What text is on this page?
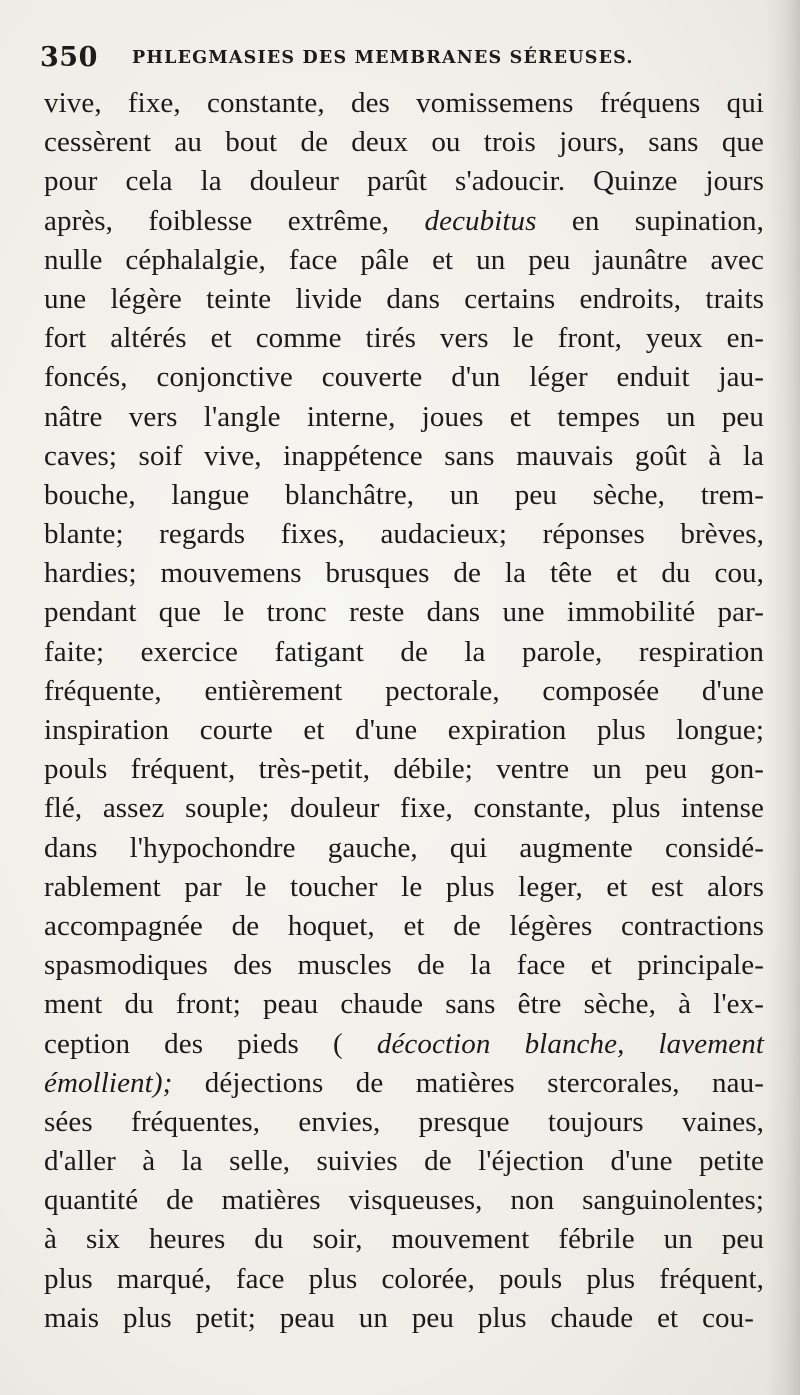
350 PHLEGMASIES DES MEMBRANES SÉREUSES.
vive, fixe, constante, des vomissemens fréquens qui
cessèrent au bout de deux ou trois jours, sans que
pour cela la douleur parût s'adoucir. Quinze jours
après, foiblesse extrême, decubitus en supination,
nulle céphalalgie, face pâle et un peu jaunâtre avec
une légère teinte livide dans certains endroits, traits
fort altérés et comme tirés vers le front, yeux en-
foncés, conjonctive couverte d'un léger enduit jau-
nâtre vers l'angle interne, joues et tempes un peu
caves; soif vive, inappétence sans mauvais goût à la
bouche, langue blanchâtre, un peu sèche, trem-
blante; regards fixes, audacieux; réponses brèves,
hardies; mouvemens brusques de la tête et du cou,
pendant que le tronc reste dans une immobilité par-
faite; exercice fatigant de la parole, respiration
fréquente, entièrement pectorale, composée d'une
inspiration courte et d'une expiration plus longue;
pouls fréquent, très-petit, débile; ventre un peu gon-
flé, assez souple; douleur fixe, constante, plus intense
dans l'hypochondre gauche, qui augmente considé-
rablement par le toucher le plus leger, et est alors
accompagnée de hoquet, et de légères contractions
spasmodiques des muscles de la face et principale-
ment du front; peau chaude sans être sèche, à l'ex-
ception des pieds ( décoction blanche, lavement
émollient); déjections de matières stercorales, nau-
sées fréquentes, envies, presque toujours vaines,
d'aller à la selle, suivies de l'éjection d'une petite
quantité de matières visqueuses, non sanguinolentes;
à six heures du soir, mouvement fébrile un peu
plus marqué, face plus colorée, pouls plus fréquent,
mais plus petit; peau un peu plus chaude et cou-
